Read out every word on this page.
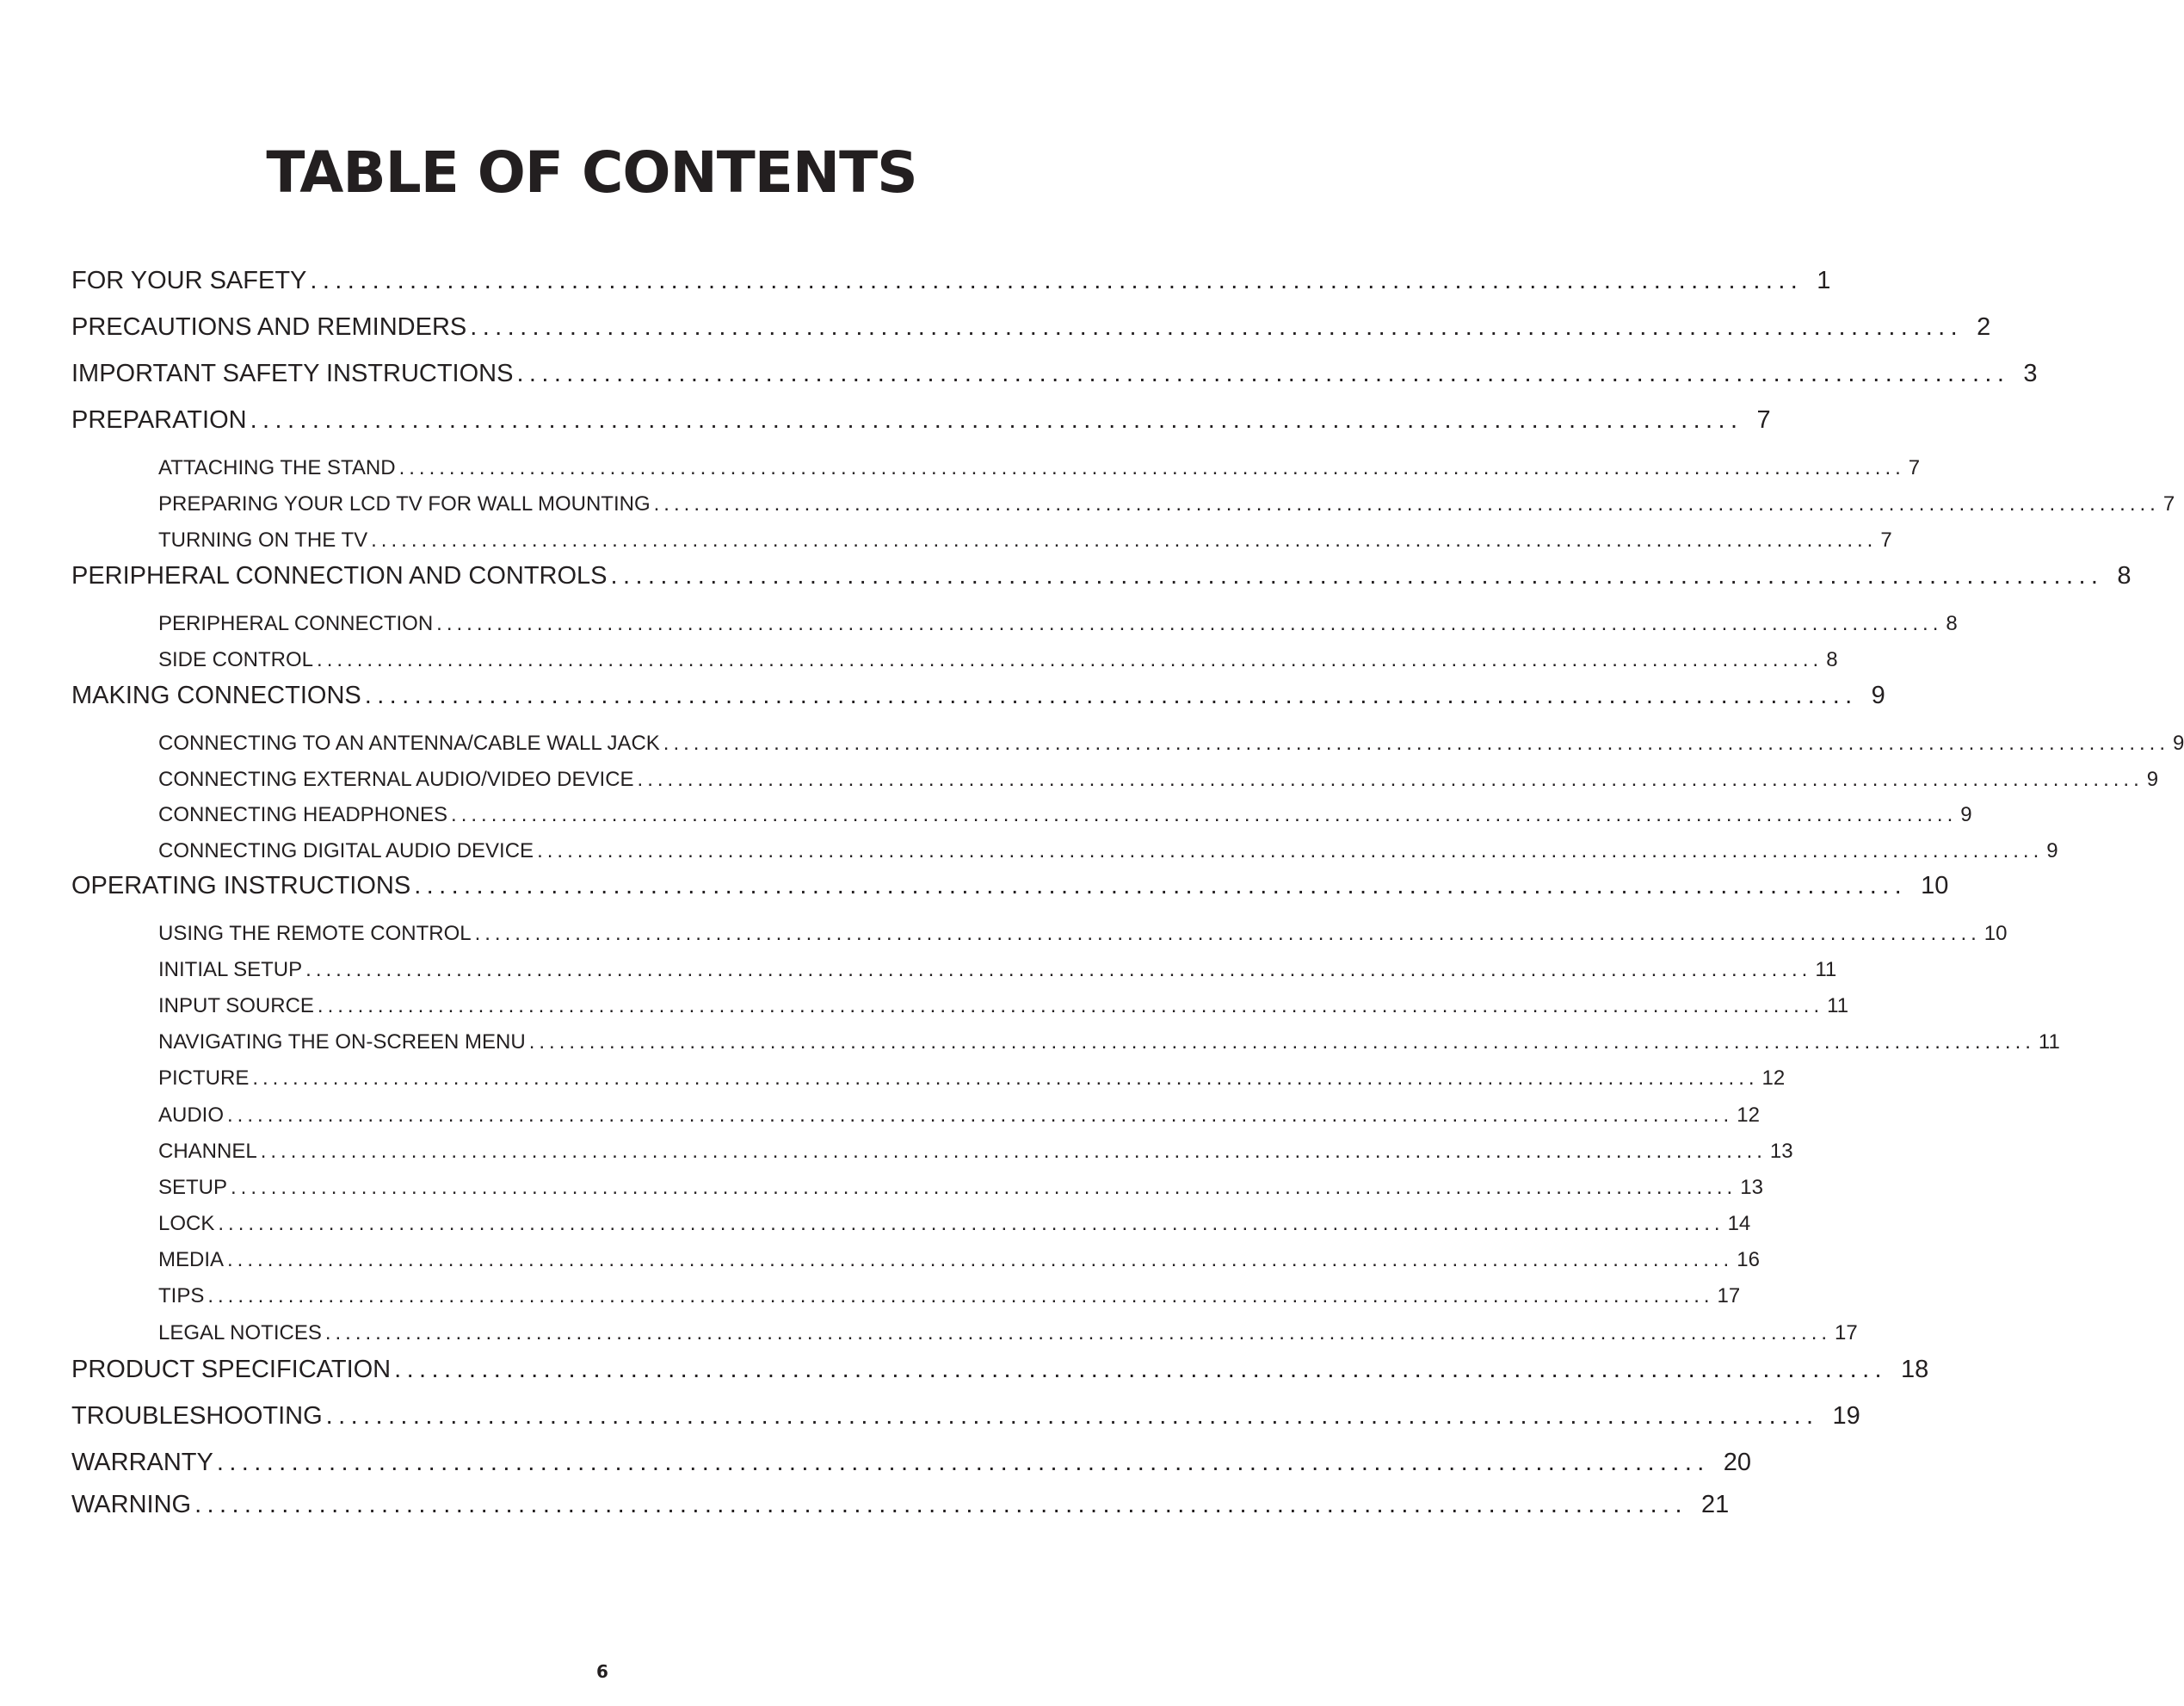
TABLE OF CONTENTS
FOR YOUR SAFETY ........................................................................................................................ 1
PRECAUTIONS AND REMINDERS ........................................................................................................................ 2
IMPORTANT SAFETY INSTRUCTIONS ........................................................................................................................ 3
PREPARATION ........................................................................................................................ 7
ATTACHING THE STAND ...................................................................................................................................................... 7
PREPARING YOUR LCD TV FOR WALL MOUNTING ...................................................................................................................................................... 7
TURNING ON THE TV ...................................................................................................................................................... 7
PERIPHERAL CONNECTION AND CONTROLS ........................................................................................................................ 8
PERIPHERAL CONNECTION ...................................................................................................................................................... 8
SIDE CONTROL ...................................................................................................................................................... 8
MAKING CONNECTIONS ........................................................................................................................ 9
CONNECTING TO AN ANTENNA/CABLE WALL JACK ...................................................................................................................................................... 9
CONNECTING EXTERNAL AUDIO/VIDEO DEVICE ...................................................................................................................................................... 9
CONNECTING HEADPHONES ...................................................................................................................................................... 9
CONNECTING DIGITAL AUDIO DEVICE ...................................................................................................................................................... 9
OPERATING INSTRUCTIONS ........................................................................................................................ 10
USING THE REMOTE CONTROL ...................................................................................................................................................... 10
INITIAL SETUP ...................................................................................................................................................... 11
INPUT SOURCE ...................................................................................................................................................... 11
NAVIGATING THE ON-SCREEN MENU ...................................................................................................................................................... 11
PICTURE ...................................................................................................................................................... 12
AUDIO ...................................................................................................................................................... 12
CHANNEL ...................................................................................................................................................... 13
SETUP ...................................................................................................................................................... 13
LOCK ...................................................................................................................................................... 14
MEDIA ...................................................................................................................................................... 16
TIPS ...................................................................................................................................................... 17
LEGAL NOTICES ...................................................................................................................................................... 17
PRODUCT SPECIFICATION ........................................................................................................................ 18
TROUBLESHOOTING ........................................................................................................................ 19
WARRANTY ........................................................................................................................ 20
WARNING ........................................................................................................................ 21
6
